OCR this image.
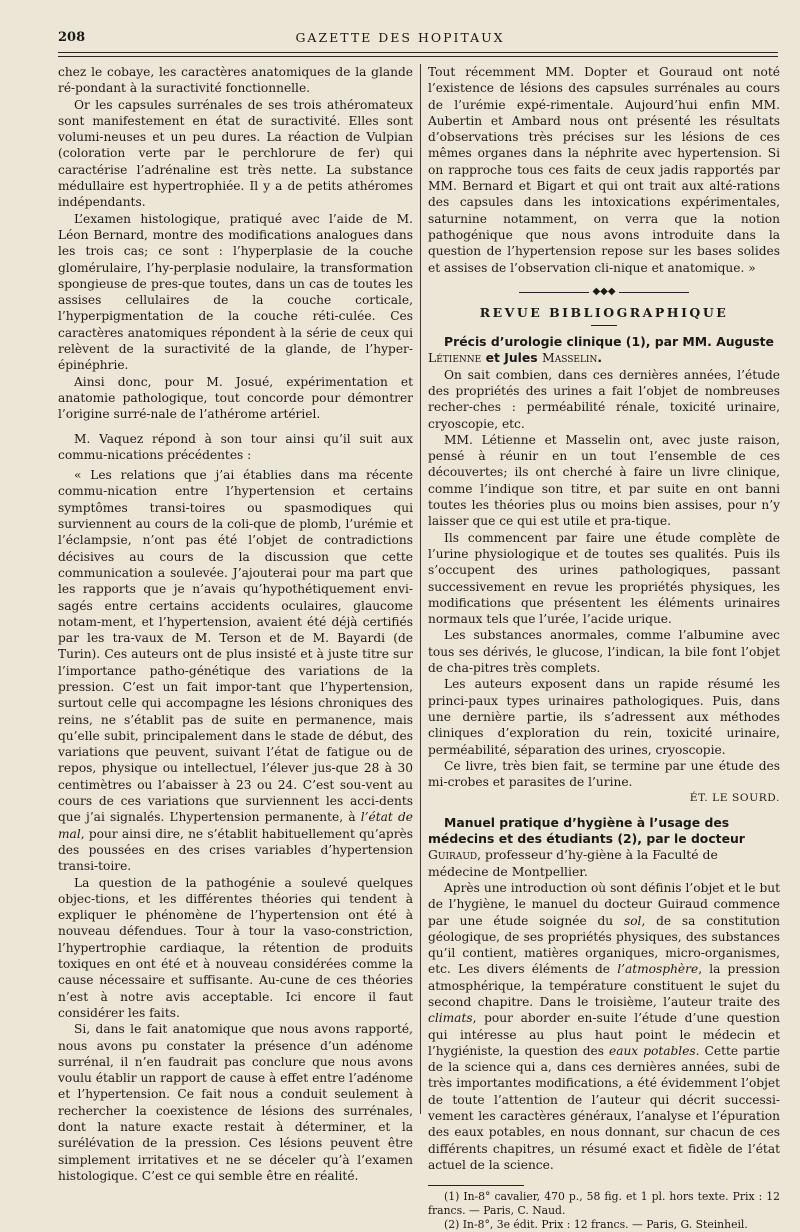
208	GAZETTE DES HOPITAUX

chez le cobaye, les caractères anatomiques de la glande ré-pondant à la suractivité fonctionnelle.

Or les capsules surrénales de ses trois athéromateux sont manifestement en état de suractivité. Elles sont volumi-neuses et un peu dures. La réaction de Vulpian (coloration verte par le perchlorure de fer) qui caractérise l’adrénaline est très nette. La substance médullaire est hypertrophiée. Il y a de petits athéromes indépendants.

L’examen histologique, pratiqué avec l’aide de M. Léon Bernard, montre des modifications analogues dans les trois cas; ce sont : l’hyperplasie de la couche glomérulaire, l’hy-perplasie nodulaire, la transformation spongieuse de pres-que toutes, dans un cas de toutes les assises cellulaires de la couche corticale, l’hyperpigmentation de la couche réti-culée. Ces caractères anatomiques répondent à la série de ceux qui relèvent de la suractivité de la glande, de l’hyper-épinéphrie.

Ainsi donc, pour M. Josué, expérimentation et anatomie pathologique, tout concorde pour démontrer l’origine surré-nale de l’athérome artériel.

M. Vaquez répond à son tour ainsi qu’il suit aux commu-nications précédentes :

« Les relations que j’ai établies dans ma récente commu-nication entre l’hypertension et certains symptômes transi-toires ou spasmodiques qui surviennent au cours de la coli-que de plomb, l’urémie et l’éclampsie, n’ont pas été l’objet de contradictions décisives au cours de la discussion que cette communication a soulevée. J’ajouterai pour ma part que les rapports que je n’avais qu’hypothétiquement envi-sagés entre certains accidents oculaires, glaucome notam-ment, et l’hypertension, avaient été déjà certifiés par les tra-vaux de M. Terson et de M. Bayardi (de Turin). Ces auteurs ont de plus insisté et à juste titre sur l’importance patho-génétique des variations de la pression. C’est un fait impor-tant que l’hypertension, surtout celle qui accompagne les lésions chroniques des reins, ne s’établit pas de suite en permanence, mais qu’elle subit, principalement dans le stade de début, des variations que peuvent, suivant l’état de fatigue ou de repos, physique ou intellectuel, l’élever jus-que 28 à 30 centimètres ou l’abaisser à 23 ou 24. C’est sou-vent au cours de ces variations que surviennent les acci-dents que j’ai signalés. L’hypertension permanente, à l’état de mal, pour ainsi dire, ne s’établit habituellement qu’après des poussées en des crises variables d’hypertension transi-toire.

La question de la pathogénie a soulevé quelques objec-tions, et les différentes théories qui tendent à expliquer le phénomène de l’hypertension ont été à nouveau défendues. Tour à tour la vaso-constriction, l’hypertrophie cardiaque, la rétention de produits toxiques en ont été et à nouveau considérées comme la cause nécessaire et suffisante. Au-cune de ces théories n’est à notre avis acceptable. Ici encore il faut considérer les faits.

Si, dans le fait anatomique que nous avons rapporté, nous avons pu constater la présence d’un adénome surrénal, il n’en faudrait pas conclure que nous avons voulu établir un rapport de cause à effet entre l’adénome et l’hypertension. Ce fait nous a conduit seulement à rechercher la coexistence de lésions des surrénales, dont la nature exacte restait à déterminer, et la surélévation de la pression. Ces lésions peuvent être simplement irritatives et ne se déceler qu’à l’examen histologique. C’est ce qui semble être en réalité.

Tout récemment MM. Dopter et Gouraud ont noté l’existence de lésions des capsules surrénales au cours de l’urémie expé-rimentale. Aujourd’hui enfin MM. Aubertin et Ambard nous ont présenté les résultats d’observations très précises sur les lésions de ces mêmes organes dans la néphrite avec hypertension. Si on rapproche tous ces faits de ceux jadis rapportés par MM. Bernard et Bigart et qui ont trait aux alté-rations des capsules dans les intoxications expérimentales, saturnine notamment, on verra que la notion pathogénique que nous avons introduite dans la question de l’hypertension repose sur les bases solides et assises de l’observation cli-nique et anatomique. »

◆◆◆
REVUE BIBLIOGRAPHIQUE

Précis d’urologie clinique (1), par MM. Auguste Létienne et Jules Masselin.

On sait combien, dans ces dernières années, l’étude des propriétés des urines a fait l’objet de nombreuses recher-ches : perméabilité rénale, toxicité urinaire, cryoscopie, etc.

MM. Létienne et Masselin ont, avec juste raison, pensé à réunir en un tout l’ensemble de ces découvertes; ils ont cherché à faire un livre clinique, comme l’indique son titre, et par suite en ont banni toutes les théories plus ou moins bien assises, pour n’y laisser que ce qui est utile et pra-tique.

Ils commencent par faire une étude complète de l’urine physiologique et de toutes ses qualités. Puis ils s’occupent des urines pathologiques, passant successivement en revue les propriétés physiques, les modifications que présentent les éléments urinaires normaux tels que l’urée, l’acide urique.

Les substances anormales, comme l’albumine avec tous ses dérivés, le glucose, l’indican, la bile font l’objet de cha-pitres très complets.

Les auteurs exposent dans un rapide résumé les princi-paux types urinaires pathologiques. Puis, dans une dernière partie, ils s’adressent aux méthodes cliniques d’exploration du rein, toxicité urinaire, perméabilité, séparation des urines, cryoscopie.

Ce livre, très bien fait, se termine par une étude des mi-crobes et parasites de l’urine.

ÉT. LE SOURD.

Manuel pratique d’hygiène à l’usage des médecins et des étudiants (2), par le docteur Guiraud, professeur d’hy-giène à la Faculté de médecine de Montpellier.

Après une introduction où sont définis l’objet et le but de l’hygiène, le manuel du docteur Guiraud commence par une étude soignée du sol, de sa constitution géologique, de ses propriétés physiques, des substances qu’il contient, matières organiques, micro-organismes, etc. Les divers éléments de l’atmosphère, la pression atmosphérique, la température constituent le sujet du second chapitre. Dans le troisième, l’auteur traite des climats, pour aborder en-suite l’étude d’une question qui intéresse au plus haut point le médecin et l’hygiéniste, la question des eaux potables. Cette partie de la science qui a, dans ces dernières années, subi de très importantes modifications, a été évidemment l’objet de toute l’attention de l’auteur qui décrit successi-vement les caractères généraux, l’analyse et l’épuration des eaux potables, en nous donnant, sur chacun de ces différents chapitres, un résumé exact et fidèle de l’état actuel de la science.

(1) In-8° cavalier, 470 p., 58 fig. et 1 pl. hors texte. Prix : 12 francs. — Paris, C. Naud.

(2) In-8°, 3e édit. Prix : 12 francs. — Paris, G. Steinheil.
